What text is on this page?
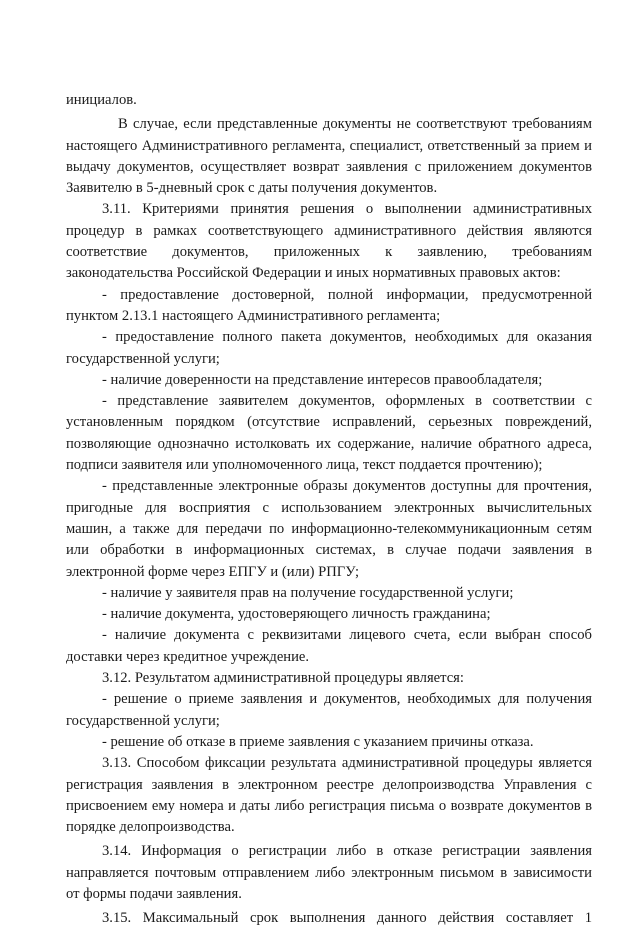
инициалов.
В случае, если представленные документы не соответствуют требованиям
настоящего Административного регламента, специалист, ответственный за прием и
выдачу документов, осуществляет возврат заявления с приложением документов
Заявителю в 5-дневный срок с даты получения документов.
3.11. Критериями принятия решения о выполнении административных
процедур в рамках соответствующего административного действия являются
соответствие документов, приложенных к заявлению, требованиям
законодательства Российской Федерации и иных нормативных правовых актов:
- предоставление достоверной, полной информации, предусмотренной
пунктом 2.13.1 настоящего Административного регламента;
- предоставление полного пакета документов, необходимых для оказания
государственной услуги;
- наличие доверенности на представление интересов правообладателя;
- представление заявителем документов, оформленых в соответствии с
установленным порядком (отсутствие исправлений, серьезных повреждений,
позволяющие однозначно истолковать их содержание, наличие обратного адреса,
подписи заявителя или уполномоченного лица, текст поддается прочтению);
- представленные электронные образы документов доступны для прочтения,
пригодные для восприятия с использованием электронных вычислительных
машин, а также для передачи по информационно-телекоммуникационным сетям
или обработки в информационных системах, в случае подачи заявления в
электронной форме через ЕПГУ и (или) РПГУ;
- наличие у заявителя прав на получение государственной услуги;
- наличие документа, удостоверяющего личность гражданина;
- наличие документа с реквизитами лицевого счета, если выбран способ
доставки через кредитное учреждение.
3.12. Результатом административной процедуры является:
- решение о приеме заявления и документов, необходимых для получения
государственной услуги;
- решение об отказе в приеме заявления с указанием причины отказа.
3.13. Способом фиксации результата административной процедуры является
регистрация заявления в электронном реестре делопроизводства Управления с
присвоением ему номера и даты либо регистрация письма о возврате документов в
порядке делопроизводства.
3.14. Информация о регистрации либо в отказе регистрации заявления
направляется почтовым отправлением либо электронным письмом в зависимости
от формы подачи заявления.
3.15. Максимальный срок выполнения данного действия составляет 1
